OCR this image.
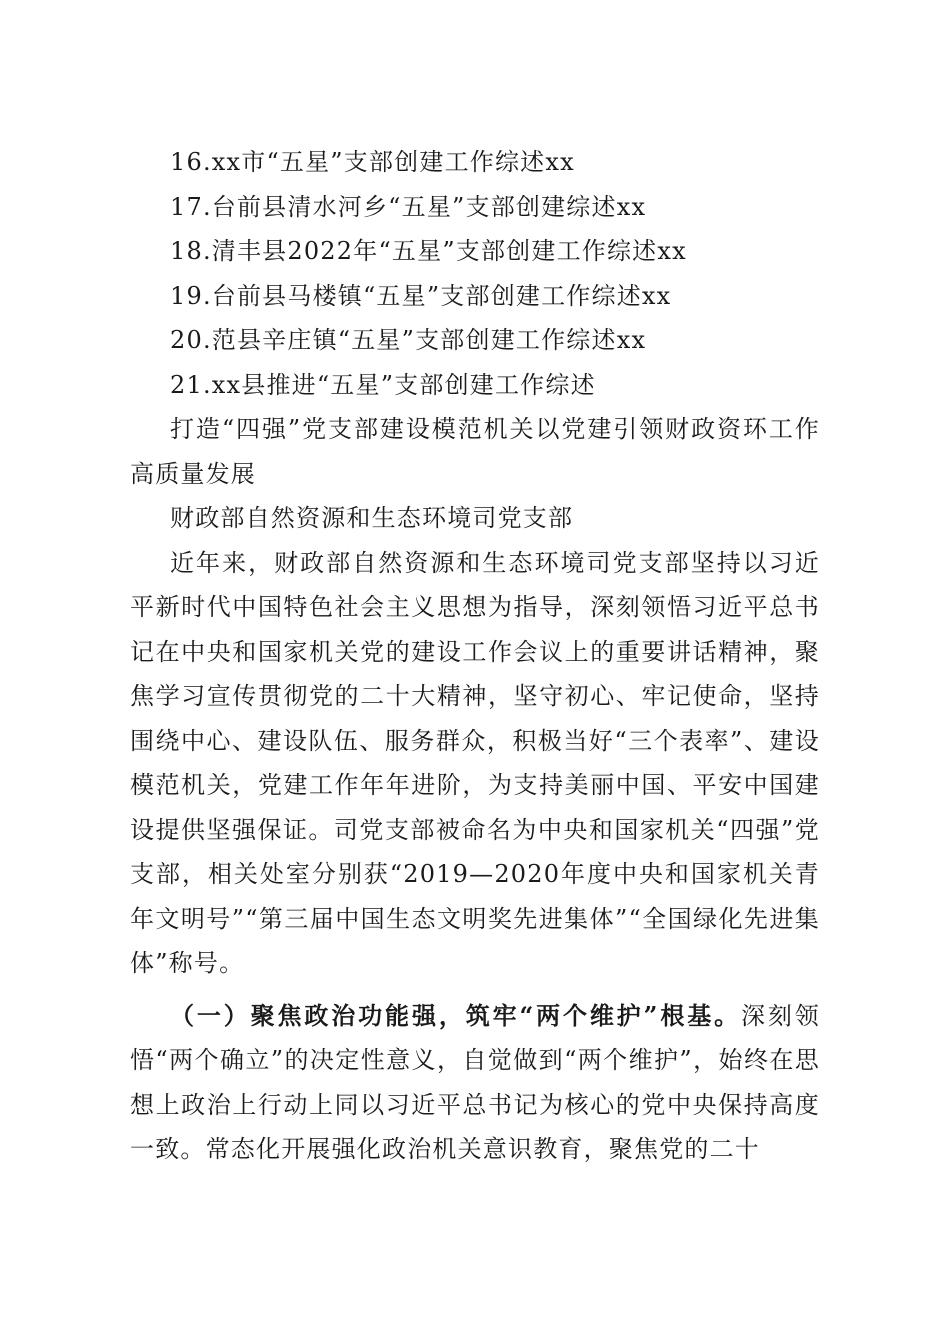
16.xx市“五星”支部创建工作综述xx
17.台前县清水河乡“五星”支部创建综述xx
18.清丰县2022年“五星”支部创建工作综述xx
19.台前县马楼镇“五星”支部创建工作综述xx
20.范县辛庄镇“五星”支部创建工作综述xx
21.xx县推进“五星”支部创建工作综述

打造“四强”党支部建设模范机关以党建引领财政资环工作高质量发展

财政部自然资源和生态环境司党支部

近年来，财政部自然资源和生态环境司党支部坚持以习近平新时代中国特色社会主义思想为指导，深刻领悟习近平总书记在中央和国家机关党的建设工作会议上的重要讲话精神，聚焦学习宣传贯彻党的二十大精神，坚守初心、牢记使命，坚持围绕中心、建设队伍、服务群众，积极当好“三个表率”、建设模范机关，党建工作年年进阶，为支持美丽中国、平安中国建设提供坚强保证。司党支部被命名为中央和国家机关“四强”党支部，相关处室分别获“2019—2020年度中央和国家机关青年文明号”“第三届中国生态文明奖先进集体”“全国绿化先进集体”称号。

（一）聚焦政治功能强，筑牢“两个维护”根基。深刻领悟“两个确立”的决定性意义，自觉做到“两个维护”，始终在思想上政治上行动上同以习近平总书记为核心的党中央保持高度一致。常态化开展强化政治机关意识教育，聚焦党的二十
